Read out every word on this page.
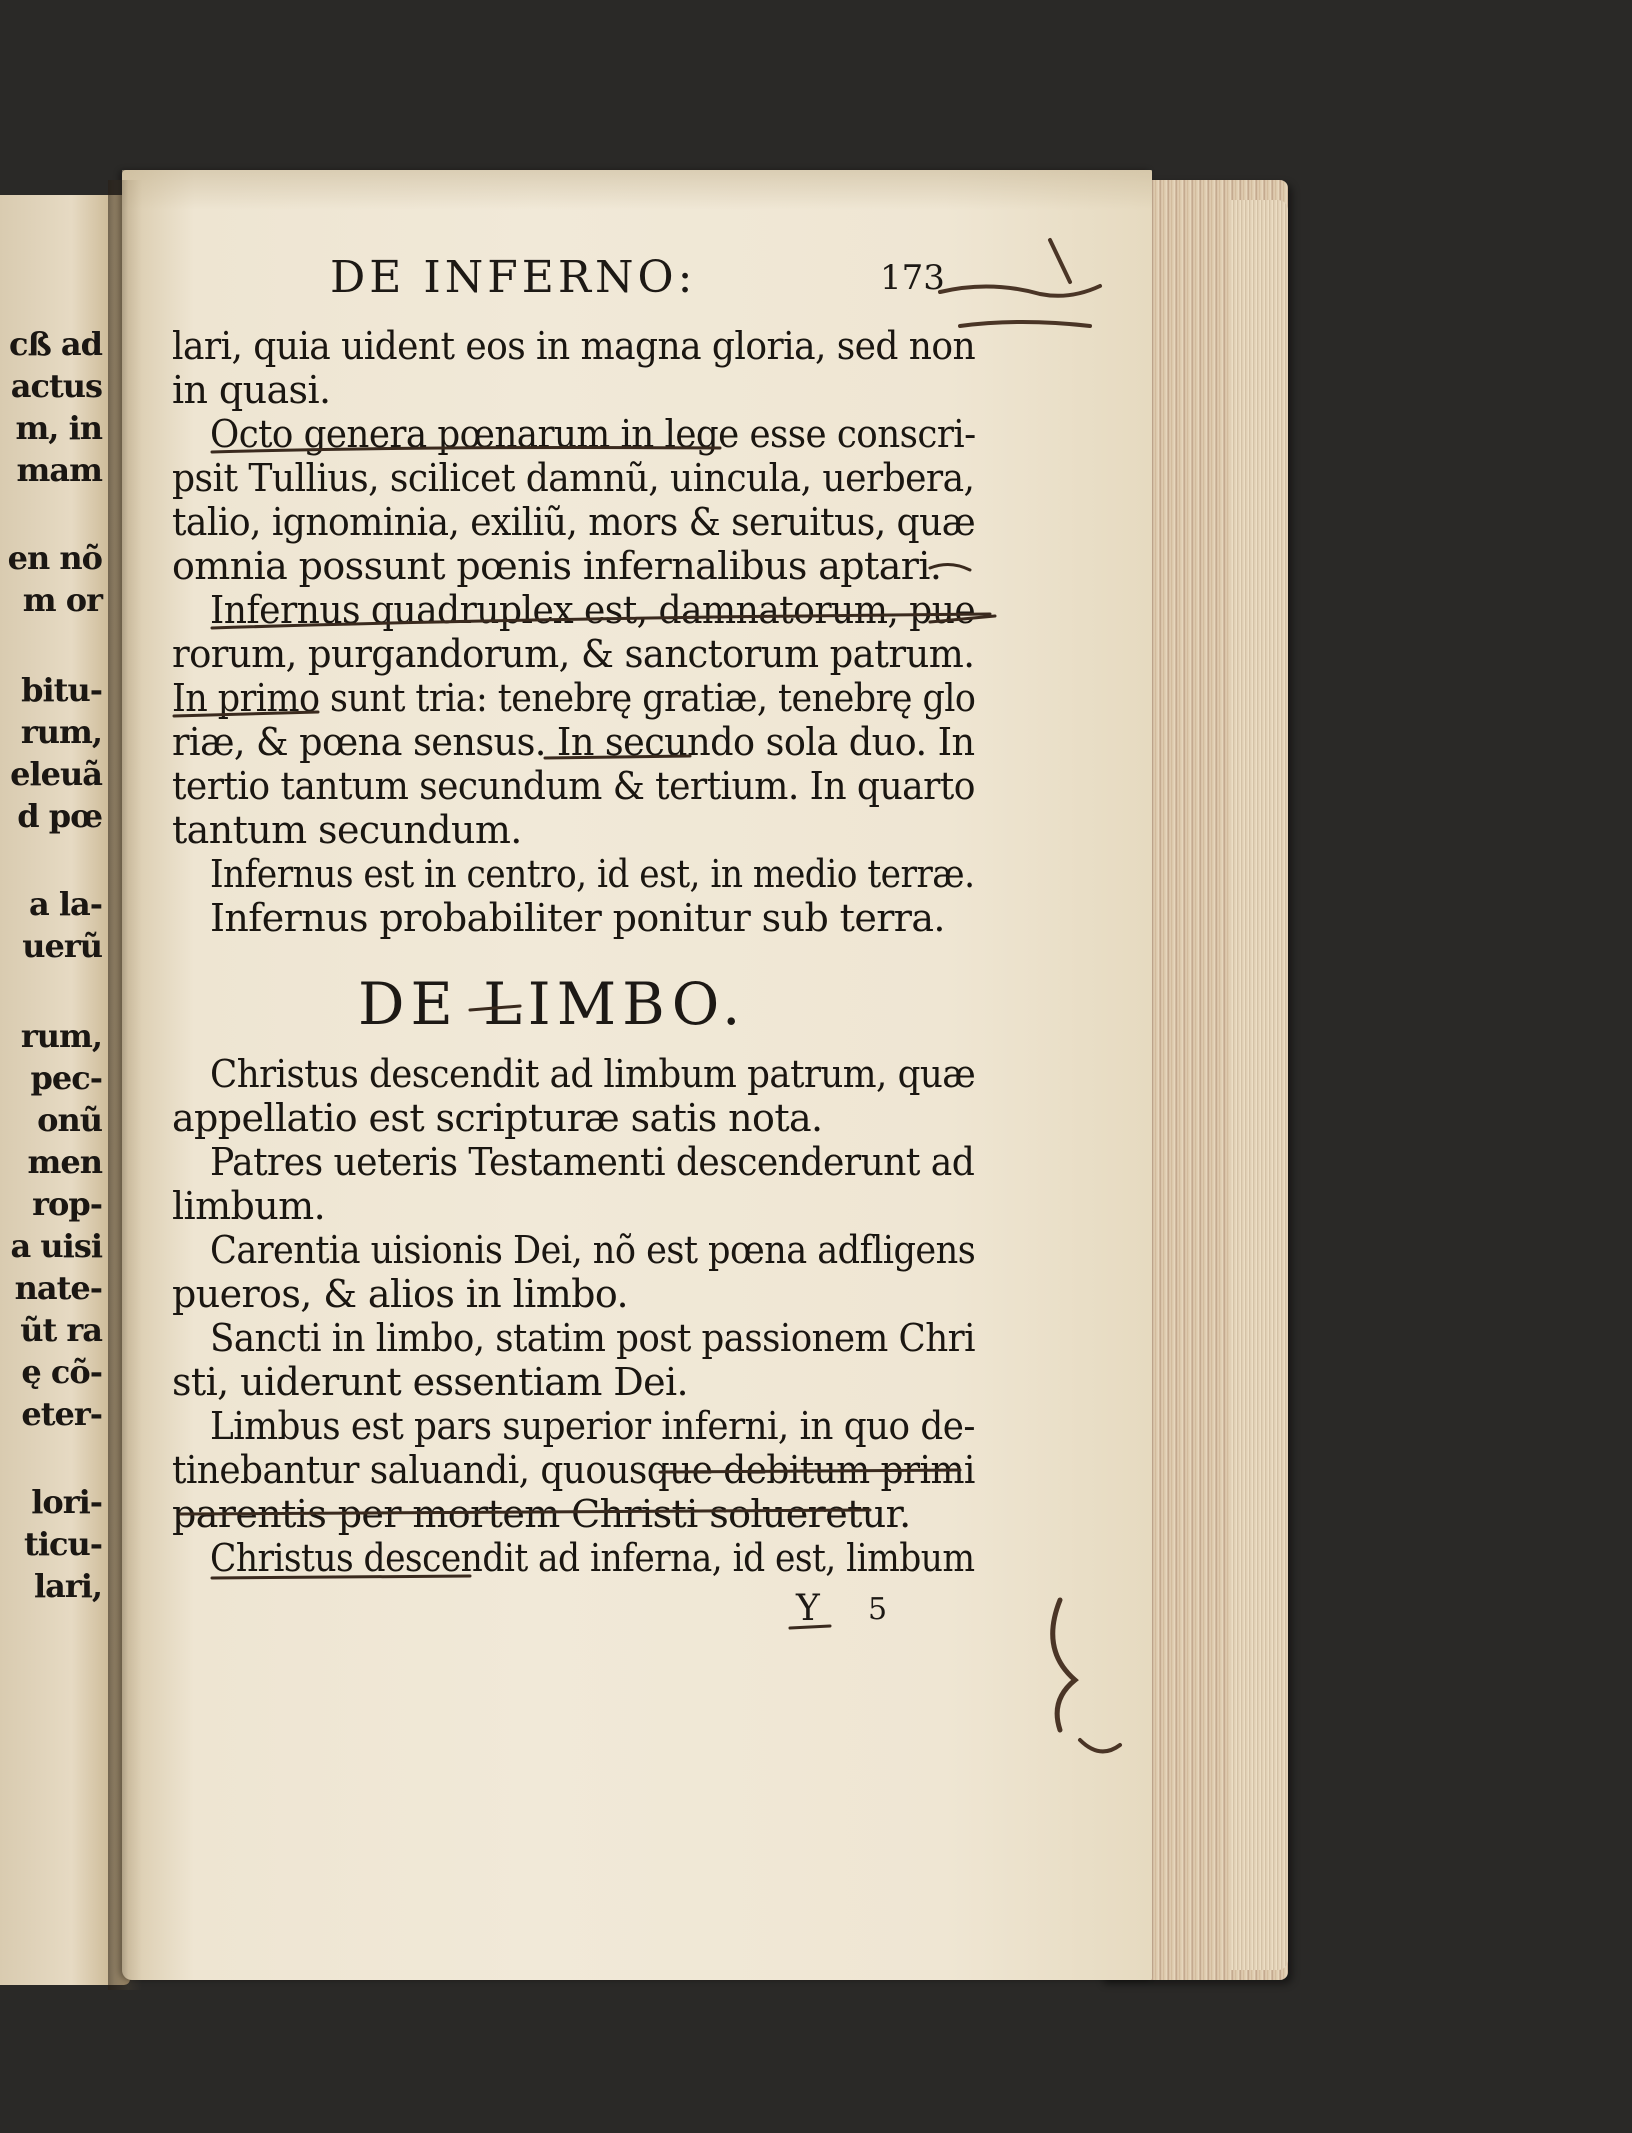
cß ad
actus
m, in
mam
en nõ
m or
bitu-
rum,
eleuã
d pœ
a la-
uerũ
rum,
pec-
onũ
men
rop-
a uisi
nate-
ũt ra
ę cõ-
eter-
lori-
ticu-
lari,
DE INFERNO:	173
lari, quia uident eos in magna gloria, sed non
in quasi.
Octo genera pœnarum in lege esse conscri-
psit Tullius, scilicet damnũ, uincula, uerbera,
talio, ignominia, exiliũ, mors & seruitus, quæ
omnia possunt pœnis infernalibus aptari.
Infernus quadruplex est, damnatorum, pue
rorum, purgandorum, & sanctorum patrum.
In primo sunt tria: tenebrę gratiæ, tenebrę glo
riæ, & pœna sensus. In secundo sola duo. In
tertio tantum secundum & tertium. In quarto
tantum secundum.
Infernus est in centro, id est, in medio terræ.
Infernus probabiliter ponitur sub terra.
DE LIMBO.
Christus descendit ad limbum patrum, quæ
appellatio est scripturæ satis nota.
Patres ueteris Testamenti descenderunt ad
limbum.
Carentia uisionis Dei, nõ est pœna adfligens
pueros, & alios in limbo.
Sancti in limbo, statim post passionem Chri
sti, uiderunt essentiam Dei.
Limbus est pars superior inferni, in quo de-
tinebantur saluandi, quousque debitum primi
parentis per mortem Christi solueretur.
Christus descendit ad inferna, id est, limbum
Y 5
